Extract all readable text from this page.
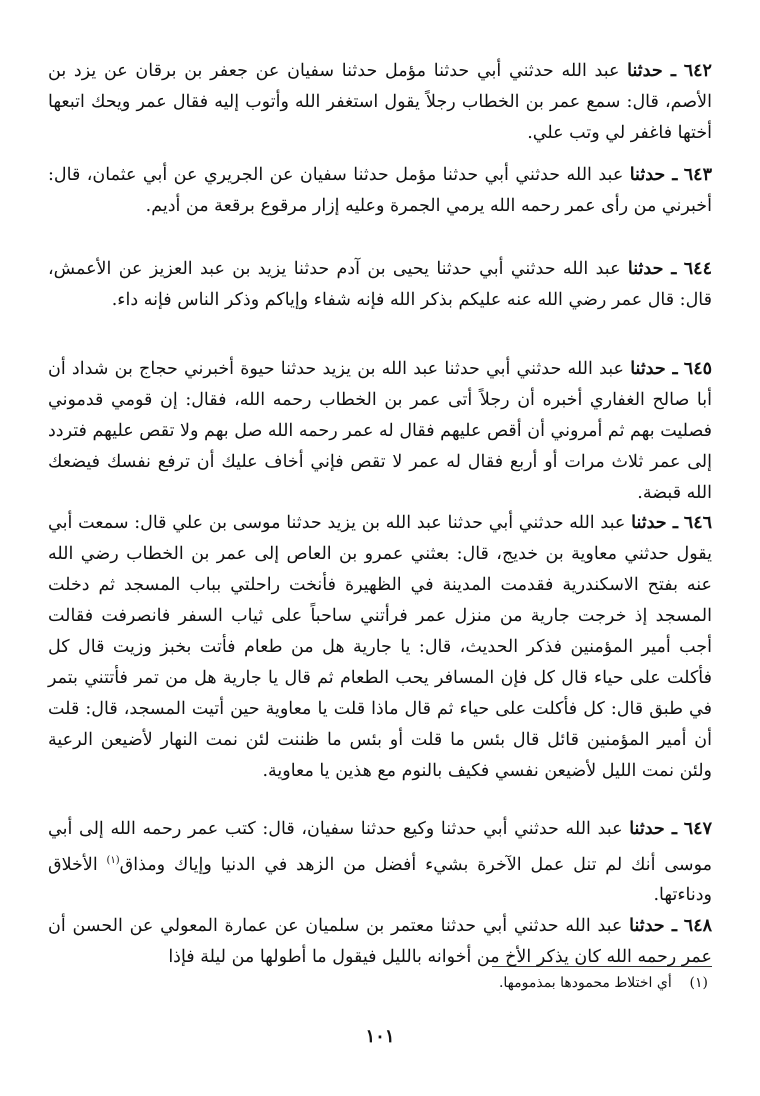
٦٤٢ ـ حدثنا عبد الله حدثني أبي حدثنا مؤمل حدثنا سفيان عن جعفر بن برقان عن يزد بن الأصم، قال: سمع عمر بن الخطاب رجلاً يقول استغفر الله وأتوب إليه فقال عمر ويحك اتبعها أختها فاغفر لي وتب علي.

٦٤٣ ـ حدثنا عبد الله حدثني أبي حدثنا مؤمل حدثنا سفيان عن الجريري عن أبي عثمان، قال: أخبرني من رأى عمر رحمه الله يرمي الجمرة وعليه إزار مرقوع برقعة من أديم.

٦٤٤ ـ حدثنا عبد الله حدثني أبي حدثنا يحيى بن آدم حدثنا يزيد بن عبد العزيز عن الأعمش، قال: قال عمر رضي الله عنه عليكم بذكر الله فإنه شفاء وإياكم وذكر الناس فإنه داء.

٦٤٥ ـ حدثنا عبد الله حدثني أبي حدثنا عبد الله بن يزيد حدثنا حيوة أخبرني حجاج بن شداد أن أبا صالح الغفاري أخبره أن رجلاً أتى عمر بن الخطاب رحمه الله، فقال: إن قومي قدموني فصليت بهم ثم أمروني أن أقص عليهم فقال له عمر رحمه الله صل بهم ولا تقص عليهم فتردد إلى عمر ثلاث مرات أو أربع فقال له عمر لا تقص فإني أخاف عليك أن ترفع نفسك فيضعك الله قبضة.

٦٤٦ ـ حدثنا عبد الله حدثني أبي حدثنا عبد الله بن يزيد حدثنا موسى بن علي قال: سمعت أبي يقول حدثني معاوية بن خديج، قال: بعثني عمرو بن العاص إلى عمر بن الخطاب رضي الله عنه بفتح الاسكندرية فقدمت المدينة في الظهيرة فأنخت راحلتي بباب المسجد ثم دخلت المسجد إذ خرجت جارية من منزل عمر فرأتني ساحباً على ثياب السفر فانصرفت فقالت أجب أمير المؤمنين فذكر الحديث، قال: يا جارية هل من طعام فأتت بخبز وزيت قال كل فأكلت على حياء قال كل فإن المسافر يحب الطعام ثم قال يا جارية هل من تمر فأتتني بتمر في طبق قال: كل فأكلت على حياء ثم قال ماذا قلت يا معاوية حين أتيت المسجد، قال: قلت أن أمير المؤمنين قائل قال بئس ما قلت أو بئس ما ظننت لئن نمت النهار لأضيعن الرعية ولئن نمت الليل لأضيعن نفسي فكيف بالنوم مع هذين يا معاوية.

٦٤٧ ـ حدثنا عبد الله حدثني أبي حدثنا وكيع حدثنا سفيان، قال: كتب عمر رحمه الله إلى أبي موسى أنك لم تنل عمل الآخرة بشيء أفضل من الزهد في الدنيا وإياك ومذاق$^{(١)}$ الأخلاق ودناءتها.

٦٤٨ ـ حدثنا عبد الله حدثني أبي حدثنا معتمر بن سلميان عن عمارة المعولي عن الحسن أن عمر رحمه الله كان يذكر الأخ من أخوانه بالليل فيقول ما أطولها من ليلة فإذا

(١)    أي اختلاط محمودها بمذمومها.
١٠١
